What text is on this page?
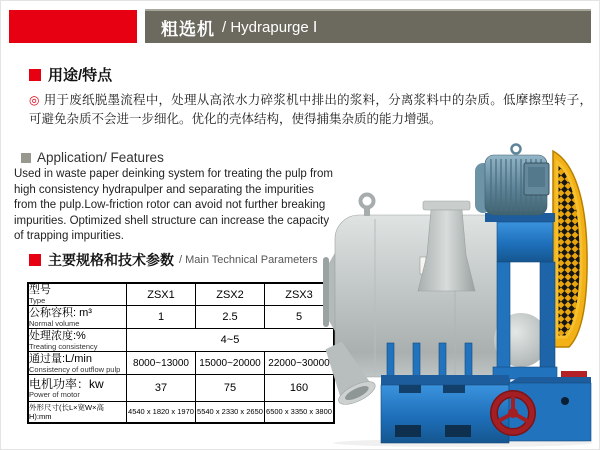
粗选机 / Hydrapurge Ⅰ
用途/特点
◎ 用于废纸脱墨流程中，处理从高浓水力碎浆机中排出的浆料，分离浆料中的杂质。低摩擦型转子，可避免杂质不会进一步细化。优化的壳体结构，使得捕集杂质的能力增强。
Application/ Features
Used in waste paper deinking system for treating the pulp from high consistency hydrapulper and separating the impurities from the pulp.Low-friction rotor can avoid not further breaking impurities. Optimized shell structure can increase the capacity of trapping impurities.
主要规格和技术参数 / Main Technical Parameters
型号
Type	ZSX1	ZSX2	ZSX3

公称容积: m³
Normal volume	1	2.5	5

处理浓度:%
Treating consistency	4~5		

通过量:L/min
Consistency of outflow pulp	8000~13000	15000~20000	22000~30000

电机功率：kw
Power of motor	37	75	160

外形尺寸(长L×宽W×高H):mm	4540 x 1820 x 1970	5540 x 2330 x 2650	6500 x 3350 x 3800
